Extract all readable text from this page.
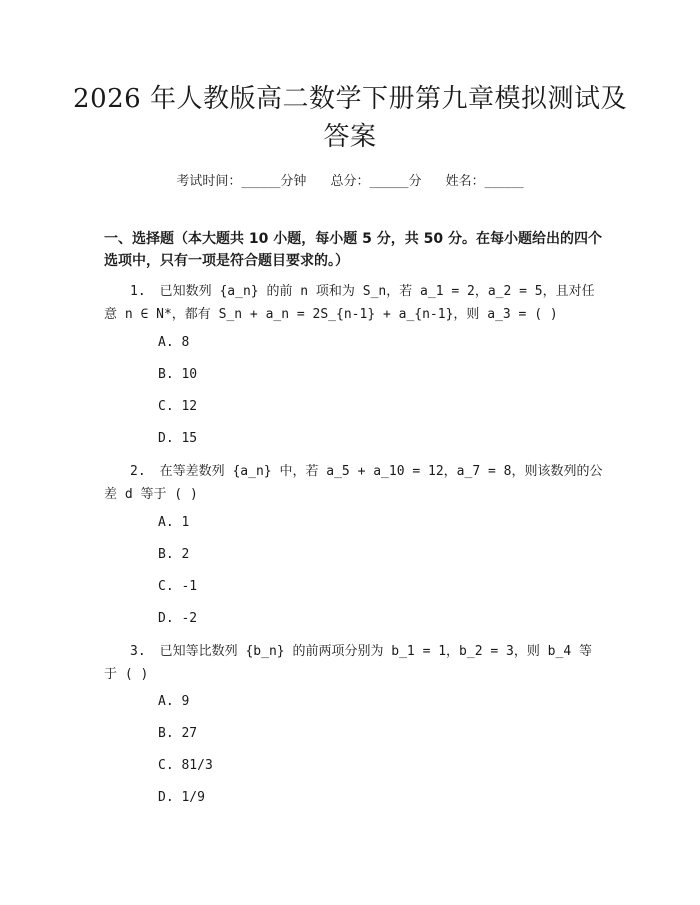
2026 年人教版高二数学下册第九章模拟测试及答案
考试时间：______分钟 总分：______分 姓名：______
一、选择题（本大题共 10 小题，每小题 5 分，共 50 分。在每小题给出的四个选项中，只有一项是符合题目要求的。）
1. 已知数列 {a_n} 的前 n 项和为 S_n，若 a_1 = 2，a_2 = 5，且对任意 n ∈ N*，都有 S_n + a_n = 2S_{n-1} + a_{n-1}，则 a_3 = ( )
A. 8
B. 10
C. 12
D. 15
2. 在等差数列 {a_n} 中，若 a_5 + a_10 = 12，a_7 = 8，则该数列的公差 d 等于 ( )
A. 1
B. 2
C. -1
D. -2
3. 已知等比数列 {b_n} 的前两项分别为 b_1 = 1，b_2 = 3，则 b_4 等于 ( )
A. 9
B. 27
C. 81/3
D. 1/9
